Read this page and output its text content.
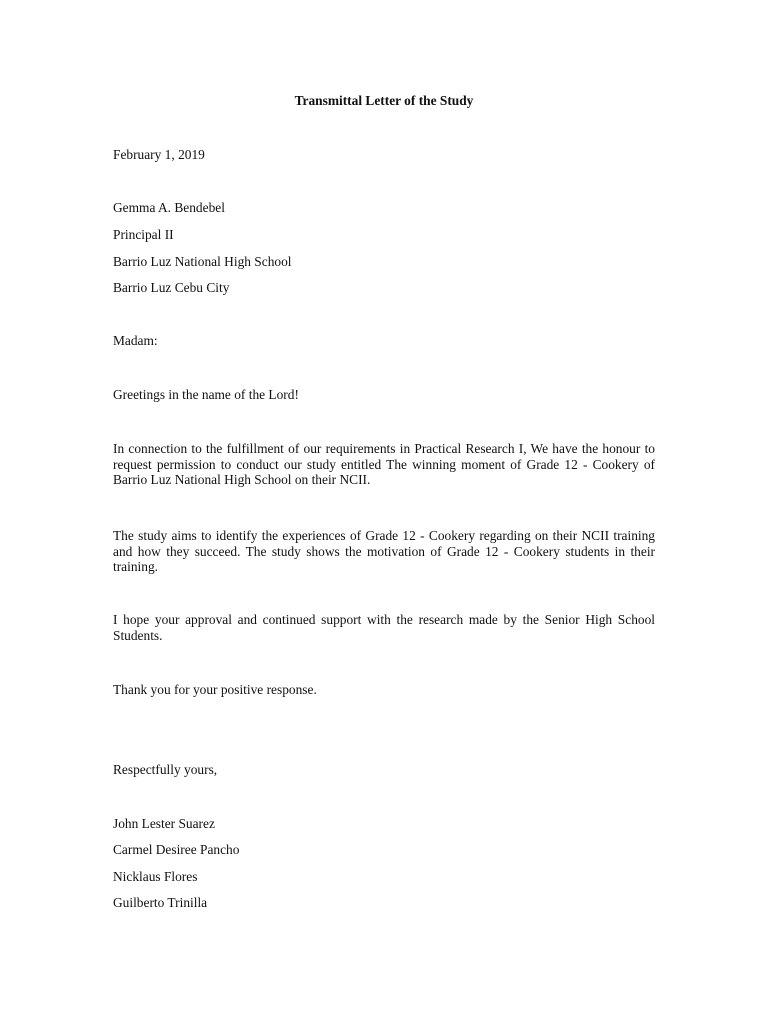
Transmittal Letter of the Study
February 1, 2019
Gemma A. Bendebel
Principal II
Barrio Luz National High School
Barrio Luz Cebu City
Madam:
Greetings in the name of the Lord!
In connection to the fulfillment of our requirements in Practical Research I, We have the honour to request permission to conduct our study entitled The winning moment of Grade 12 - Cookery of Barrio Luz National High School on their NCII.
The study aims to identify the experiences of Grade 12 - Cookery regarding on their NCII training and how they succeed. The study shows the motivation of Grade 12 - Cookery students in their training.
I hope your approval and continued support with the research made by the Senior High School Students.
Thank you for your positive response.
Respectfully yours,
John Lester Suarez
Carmel Desiree Pancho
Nicklaus Flores
Guilberto Trinilla
